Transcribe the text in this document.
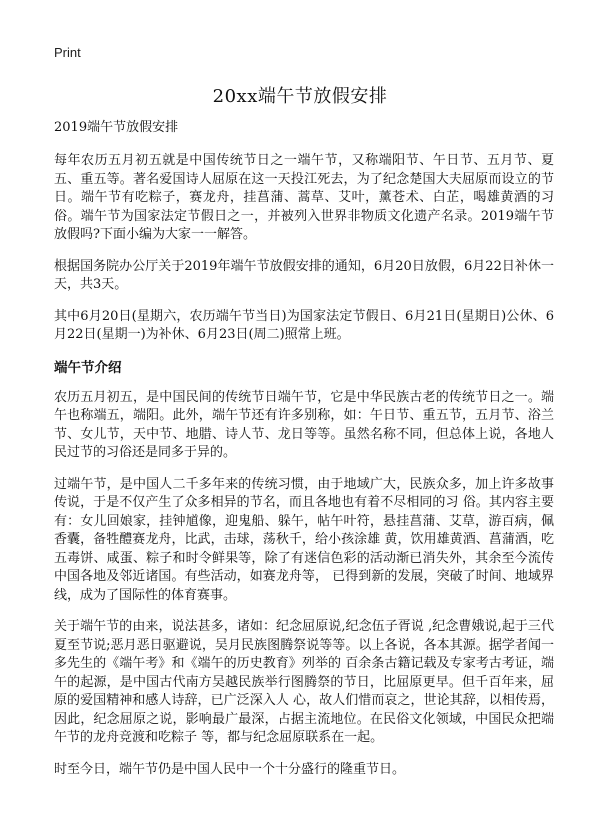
Print
20xx端午节放假安排

2019端午节放假安排

每年农历五月初五就是中国传统节日之一端午节，又称端阳节、午日节、五月节、夏五、重五等。著名爱国诗人屈原在这一天投江死去，为了纪念楚国大夫屈原而设立的节日。端午节有吃粽子，赛龙舟，挂菖蒲、蒿草、艾叶，薰苍术、白芷，喝雄黄酒的习俗。端午节为国家法定节假日之一，并被列入世界非物质文化遗产名录。2019端午节放假吗?下面小编为大家一一解答。

根据国务院办公厅关于2019年端午节放假安排的通知，6月20日放假，6月22日补休一天，共3天。

其中6月20日(星期六，农历端午节当日)为国家法定节假日、6月21日(星期日)公休、6月22日(星期一)为补休、6月23日(周二)照常上班。

端午节介绍

农历五月初五，是中国民间的传统节日端午节，它是中华民族古老的传统节日之一。端午也称端五，端阳。此外，端午节还有许多别称，如：午日节、重五节，五月节、浴兰节、女儿节，天中节、地腊、诗人节、龙日等等。虽然名称不同，但总体上说，各地人民过节的习俗还是同多于异的。

过端午节，是中国人二千多年来的传统习惯，由于地域广大，民族众多，加上许多故事传说，于是不仅产生了众多相异的节名，而且各地也有着不尽相同的习 俗。其内容主要有：女儿回娘家，挂钟馗像，迎鬼船、躲午，帖午叶符，悬挂菖蒲、艾草，游百病，佩香囊，备牲醴赛龙舟，比武，击球，荡秋千，给小孩涂雄 黄，饮用雄黄酒、菖蒲酒，吃五毒饼、咸蛋、粽子和时令鲜果等，除了有迷信色彩的活动渐已消失外，其余至今流传中国各地及邻近诸国。有些活动，如赛龙舟等， 已得到新的发展，突破了时间、地域界线，成为了国际性的体育赛事。

关于端午节的由来，说法甚多，诸如：纪念屈原说,纪念伍子胥说 ,纪念曹娥说,起于三代夏至节说;恶月恶日驱避说，吴月民族图腾祭说等等。以上各说，各本其源。据学者闻一多先生的《端午考》和《端午的历史教育》列举的 百余条古籍记载及专家考古考证，端午的起源，是中国古代南方吴越民族举行图腾祭的节日，比屈原更早。但千百年来，屈原的爱国精神和感人诗辞，已广泛深入人 心，故人们惜而哀之，世论其辞，以相传焉，因此，纪念屈原之说，影响最广最深，占据主流地位。在民俗文化领域，中国民众把端午节的龙舟竞渡和吃粽子 等，都与纪念屈原联系在一起。

时至今日，端午节仍是中国人民中一个十分盛行的隆重节日。
